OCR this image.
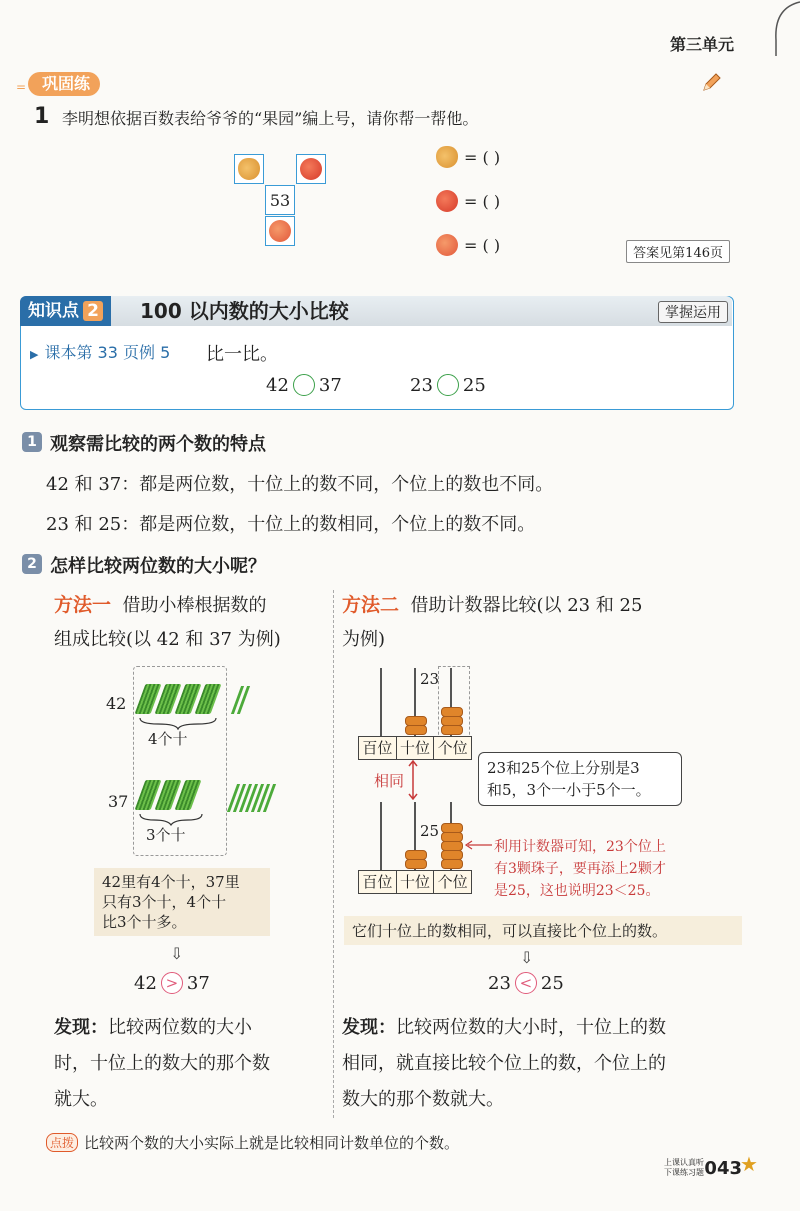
第三单元
= 巩固练
1 李明想依据百数表给爷爷的“果园”编上号，请你帮一帮他。
53
= ( )
= ( )
= ( )	答案见第146页
知识点 2	100 以内数的大小比较	掌握运用
▶ 课本第 33 页例 5 比一比。
42 37	23 25
1 观察需比较的两个数的特点
42 和 37：都是两位数，十位上的数不同，个位上的数也不同。
23 和 25：都是两位数，十位上的数相同，个位上的数不同。
2 怎样比较两位数的大小呢？
方法一 借助小棒根据数的
组成比较(以 42 和 37 为例)
42
4个十
37
3个十
42里有4个十，37里
只有3个十，4个十
比3个十多。
⇩
42 > 37
发现：比较两位数的大小
时，十位上的数大的那个数
就大。
方法二 借助计数器比较(以 23 和 25
为例)
23
百位 十位 个位
相同
23和25个位上分别是3
和5，3个一小于5个一。
25
百位 十位 个位
利用计数器可知，23个位上
有3颗珠子，要再添上2颗才
是25，这也说明23＜25。
它们十位上的数相同，可以直接比个位上的数。
⇩
23 < 25
发现：比较两位数的大小时，十位上的数
相同，就直接比较个位上的数，个位上的
数大的那个数就大。
点拨 比较两个数的大小实际上就是比较相同计数单位的个数。
上课认真听
下课练习题 043
★
